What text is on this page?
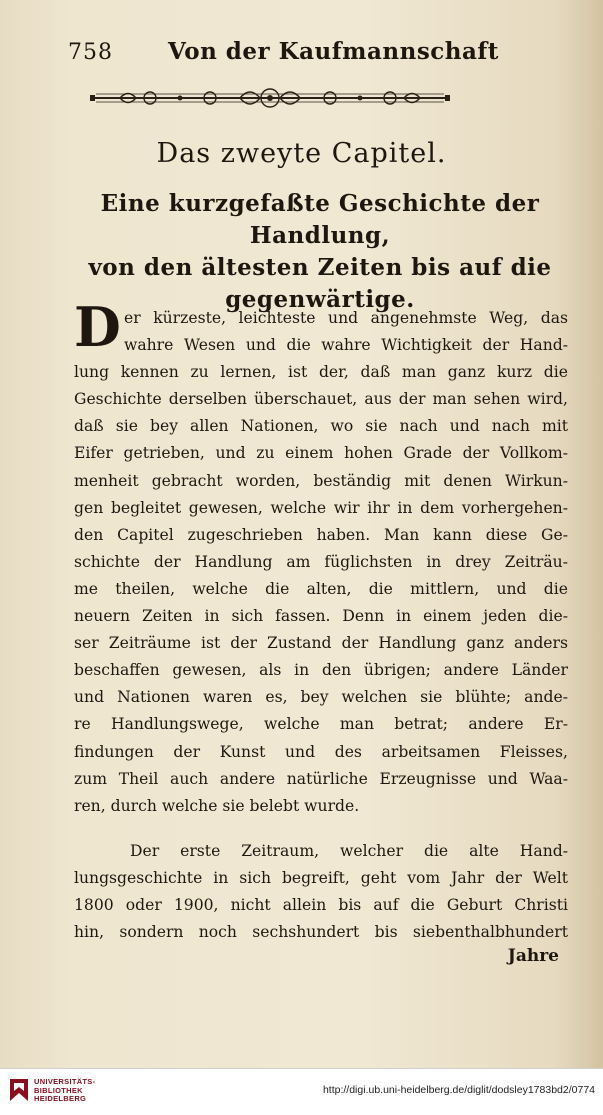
758 Von der Kaufmannschaft
Das zweyte Capitel.
Eine kurzgefaßte Geschichte der Handlung,
von den ältesten Zeiten bis auf die
gegenwärtige.
D er kürzeste, leichteste und angenehmste Weg, das
wahre Wesen und die wahre Wichtigkeit der Hand-
lung kennen zu lernen, ist der, daß man ganz kurz die
Geschichte derselben überschauet, aus der man sehen wird,
daß sie bey allen Nationen, wo sie nach und nach mit
Eifer getrieben, und zu einem hohen Grade der Vollkom-
menheit gebracht worden, beständig mit denen Wirkun-
gen begleitet gewesen, welche wir ihr in dem vorhergehen-
den Capitel zugeschrieben haben. Man kann diese Ge-
schichte der Handlung am füglichsten in drey Zeiträu-
me theilen, welche die alten, die mittlern, und die
neuern Zeiten in sich fassen. Denn in einem jeden die-
ser Zeiträume ist der Zustand der Handlung ganz anders
beschaffen gewesen, als in den übrigen; andere Länder
und Nationen waren es, bey welchen sie blühte; ande-
re Handlungswege, welche man betrat; andere Er-
findungen der Kunst und des arbeitsamen Fleisses,
zum Theil auch andere natürliche Erzeugnisse und Waa-
ren, durch welche sie belebt wurde.
Der erste Zeitraum, welcher die alte Hand-
lungsgeschichte in sich begreift, geht vom Jahr der Welt
1800 oder 1900, nicht allein bis auf die Geburt Christi
hin, sondern noch sechshundert bis siebenthalbhundert
Jahre
UNIVERSITÄTS-
BIBLIOTHEK
HEIDELBERG
http://digi.ub.uni-heidelberg.de/diglit/dodsley1783bd2/0774
